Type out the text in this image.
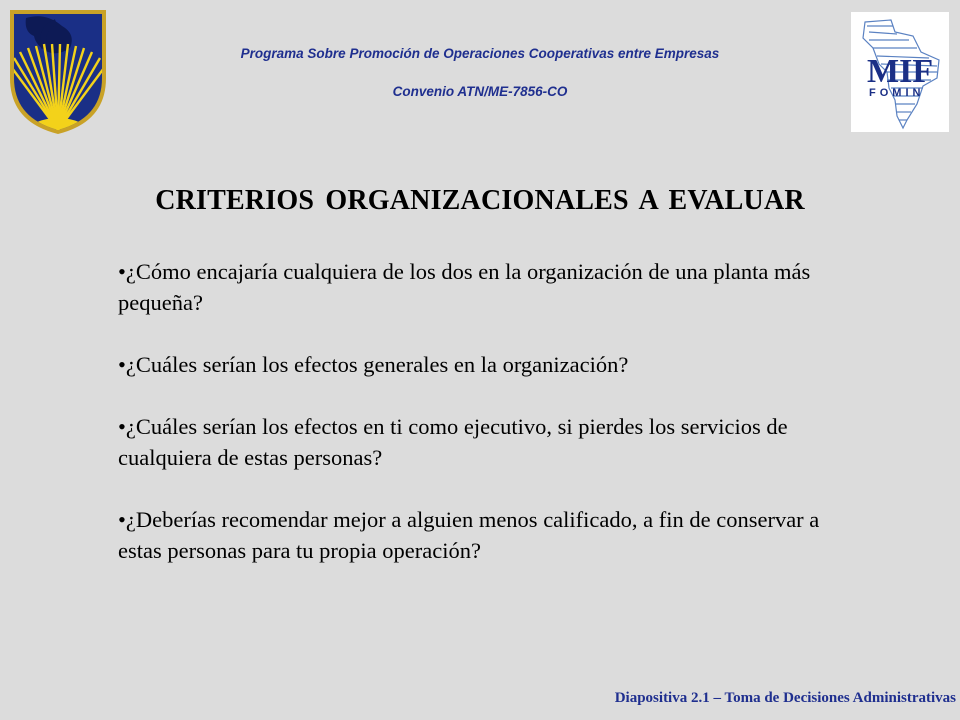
MIF
FOMIN
Programa Sobre Promoción de Operaciones Cooperativas entre Empresas
Convenio ATN/ME-7856-CO
CRITERIOS ORGANIZACIONALES A EVALUAR

•¿Cómo encajaría cualquiera de los dos en la organización de una planta más pequeña?

•¿Cuáles serían los efectos generales en la organización?

•¿Cuáles serían los efectos en ti como ejecutivo, si pierdes los servicios de cualquiera de estas personas?

•¿Deberías recomendar mejor a alguien menos calificado, a fin de conservar a estas personas para tu propia operación?

Diapositiva 2.1 – Toma de Decisiones Administrativas
